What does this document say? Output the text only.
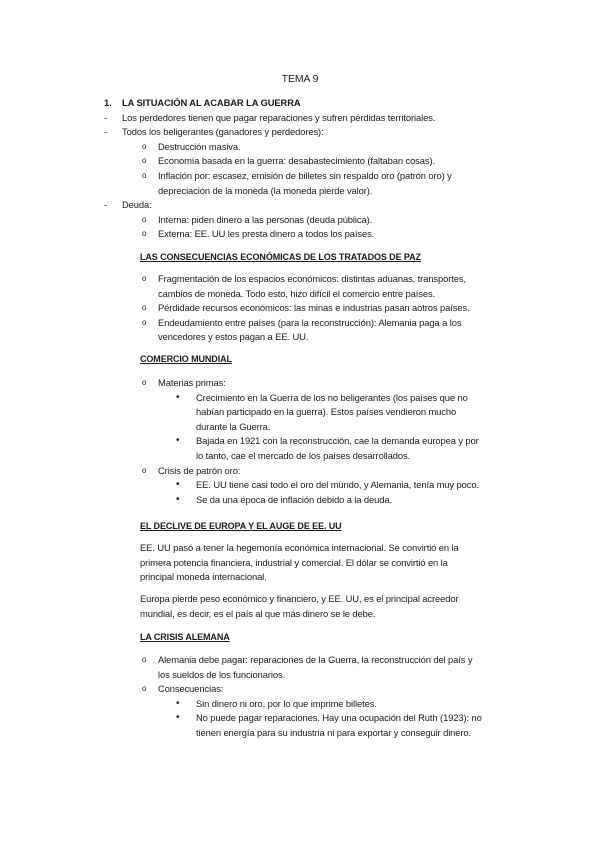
TEMA 9
1. LA SITUACIÓN AL ACABAR LA GUERRA
- Los perdedores tienen que pagar reparaciones y sufren pérdidas territoriales.
- Todos los beligerantes (ganadores y perdedores):
o Destrucción masiva.
o Economía basada en la guerra: desabastecimiento (faltaban cosas).
o Inflación por: escasez, emisión de billetes sin respaldo oro (patrón oro) y
depreciación de la moneda (la moneda pierde valor).
- Deuda:
o Interna: piden dinero a las personas (deuda pública).
o Externa: EE. UU les presta dinero a todos los países.
LAS CONSECUENCIAS ECONÓMICAS DE LOS TRATADOS DE PAZ
o Fragmentación de los espacios económicos: distintas aduanas, transportes,
cambios de moneda. Todo esto, hizo difícil el comercio entre países.
o Pérdidade recursos económicos: las minas e industrias pasan aotros países.
o Endeudamiento entre países (para la reconstrucción): Alemania paga a los
vencedores y estos pagan a EE. UU.
COMERCIO MUNDIAL
o Materias primas:
• Crecimiento en la Guerra de los no beligerantes (los países que no
habían participado en la guerra). Estos países vendieron mucho
durante la Guerra.
• Bajada en 1921 con la reconstrucción, cae la demanda europea y por
lo tanto, cae el mercado de los países desarrollados.
o Crisis de patrón oro:
• EE. UU tiene casi todo el oro del mundo, y Alemania, tenía muy poco.
• Se da una época de inflación debido a la deuda.
EL DECLIVE DE EUROPA Y EL AUGE DE EE. UU
EE. UU pasó a tener la hegemonía económica internacional. Se convirtió en la
primera potencia financiera, industrial y comercial. El dólar se convirtió en la
principal moneda internacional.
Europa pierde peso económico y financiero, y EE. UU, es el principal acreedor
mundial, es decir, es el país al que más dinero se le debe.
LA CRISIS ALEMANA
o Alemania debe pagar: reparaciones de la Guerra, la reconstrucción del país y
los sueldos de los funcionarios.
o Consecuencias:
• Sin dinero ni oro, por lo que imprime billetes.
• No puede pagar reparaciones. Hay una ocupación del Ruth (1923): no
tienen energía para su industria ni para exportar y conseguir dinero.
